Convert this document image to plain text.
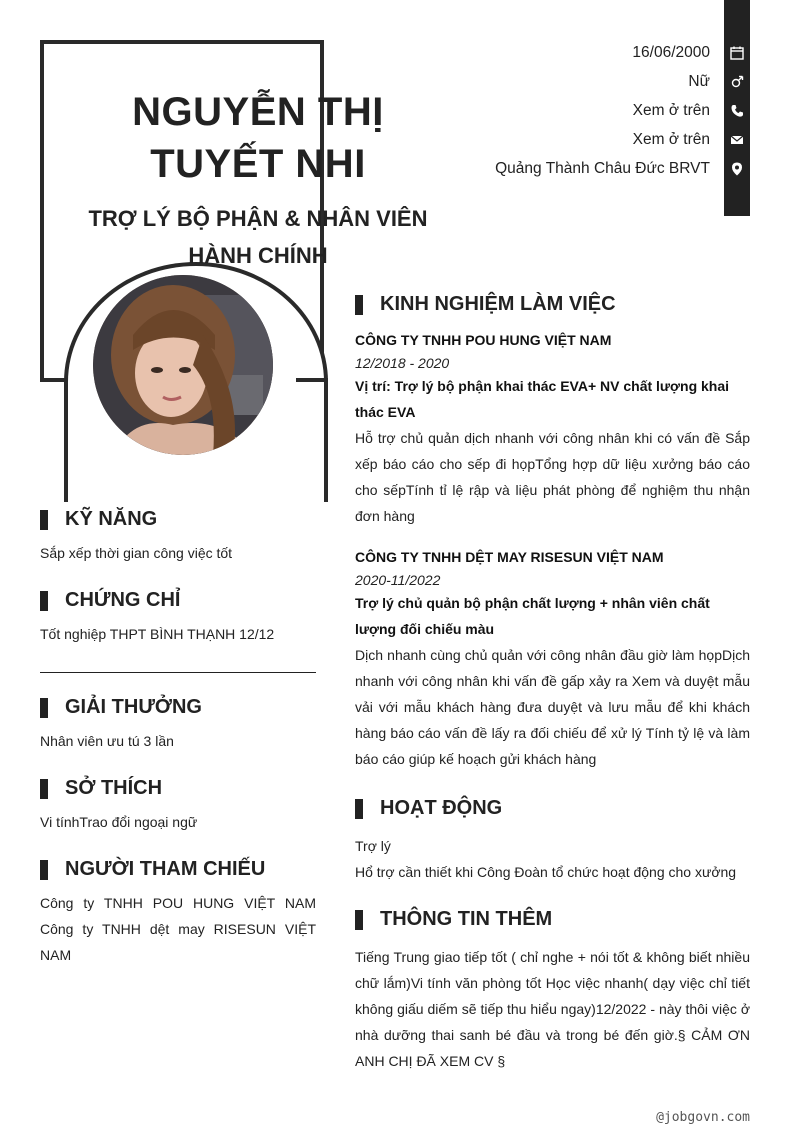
NGUYỄN THỊ
TUYẾT NHI
TRỢ LÝ BỘ PHẬN & NHÂN VIÊN HÀNH CHÍNH
16/06/2000
Nữ
Xem ở trên
Xem ở trên
Quảng Thành Châu Đức BRVT
KỸ NĂNG
Sắp xếp thời gian công việc tốt
CHỨNG CHỈ
Tốt nghiệp THPT BÌNH THẠNH 12/12
GIẢI THƯỞNG
Nhân viên ưu tú 3 lần
SỞ THÍCH
Vi tínhTrao đổi ngoại ngữ
NGƯỜI THAM CHIẾU
Công ty TNHH POU HUNG VIỆT NAM Công ty TNHH dệt may RISESUN VIỆT NAM
KINH NGHIỆM LÀM VIỆC
CÔNG TY TNHH POU HUNG VIỆT NAM
12/2018 - 2020
Vị trí: Trợ lý bộ phận khai thác EVA+ NV chất lượng khai thác EVA
Hỗ trợ chủ quản dịch nhanh với công nhân khi có vấn đề Sắp xếp báo cáo cho sếp đi họpTổng hợp dữ liệu xưởng báo cáo cho sếpTính tỉ lệ rập và liệu phát phòng để nghiệm thu nhận đơn hàng
CÔNG TY TNHH DỆT MAY RISESUN VIỆT NAM
2020-11/2022
Trợ lý chủ quản bộ phận chất lượng + nhân viên chất lượng đối chiếu màu
Dịch nhanh cùng chủ quản với công nhân đầu giờ làm họpDịch nhanh với công nhân khi vấn đề gấp xảy ra Xem và duyệt mẫu vải với mẫu khách hàng đưa duyệt và lưu mẫu để khi khách hàng báo cáo vấn đề lấy ra đối chiếu để xử lý Tính tỷ lệ và làm báo cáo giúp kế hoạch gửi khách hàng
HOẠT ĐỘNG
Trợ lý
Hổ trợ cần thiết khi Công Đoàn tổ chức hoạt động cho xưởng
THÔNG TIN THÊM
Tiếng Trung giao tiếp tốt ( chỉ nghe + nói tốt & không biết nhiều chữ lắm)Vi tính văn phòng tốt Học việc nhanh( dạy việc chỉ tiết không giấu diếm sẽ tiếp thu hiểu ngay)12/2022 - này thôi việc ở nhà dưỡng thai sanh bé đầu và trong bé đến giờ.§ CẢM ƠN ANH CHỊ ĐÃ XEM CV §
@jobgovn.com
